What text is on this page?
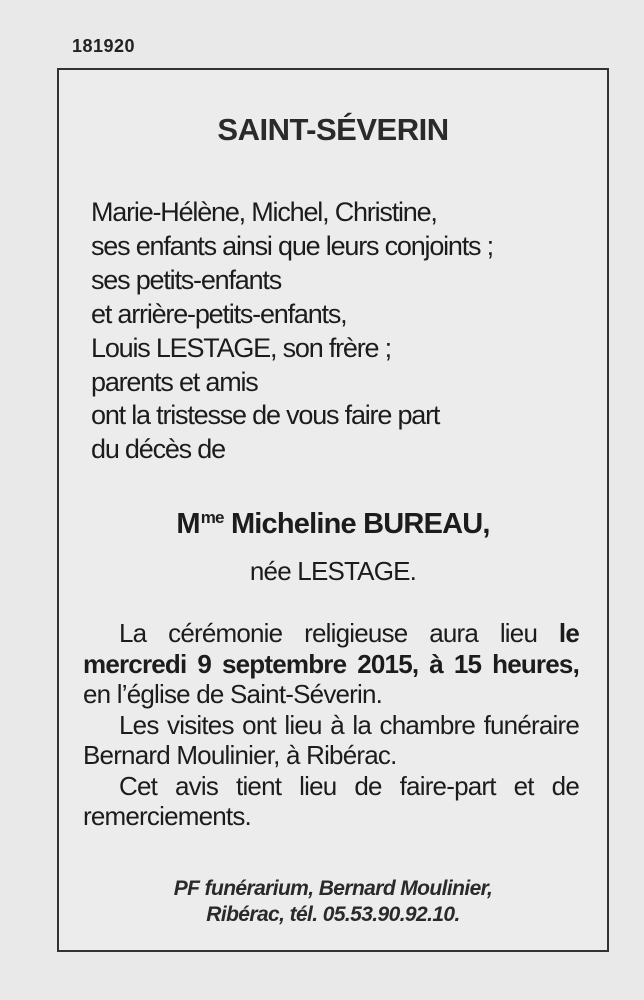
181920
SAINT-SÉVERIN
Marie-Hélène, Michel, Christine,
ses enfants ainsi que leurs conjoints ;
ses petits-enfants
et arrière-petits-enfants,
Louis LESTAGE, son frère ;
parents et amis
ont la tristesse de vous faire part
du décès de
$M^{me}$ Micheline BUREAU,
née LESTAGE.

La cérémonie religieuse aura lieu le mercredi 9 septembre 2015, à 15 heures, en l’église de Saint-Séverin.

Les visites ont lieu à la chambre funéraire Bernard Moulinier, à Ribérac.

Cet avis tient lieu de faire-part et de remerciements.

PF funérarium, Bernard Moulinier,
Ribérac, tél. 05.53.90.92.10.
